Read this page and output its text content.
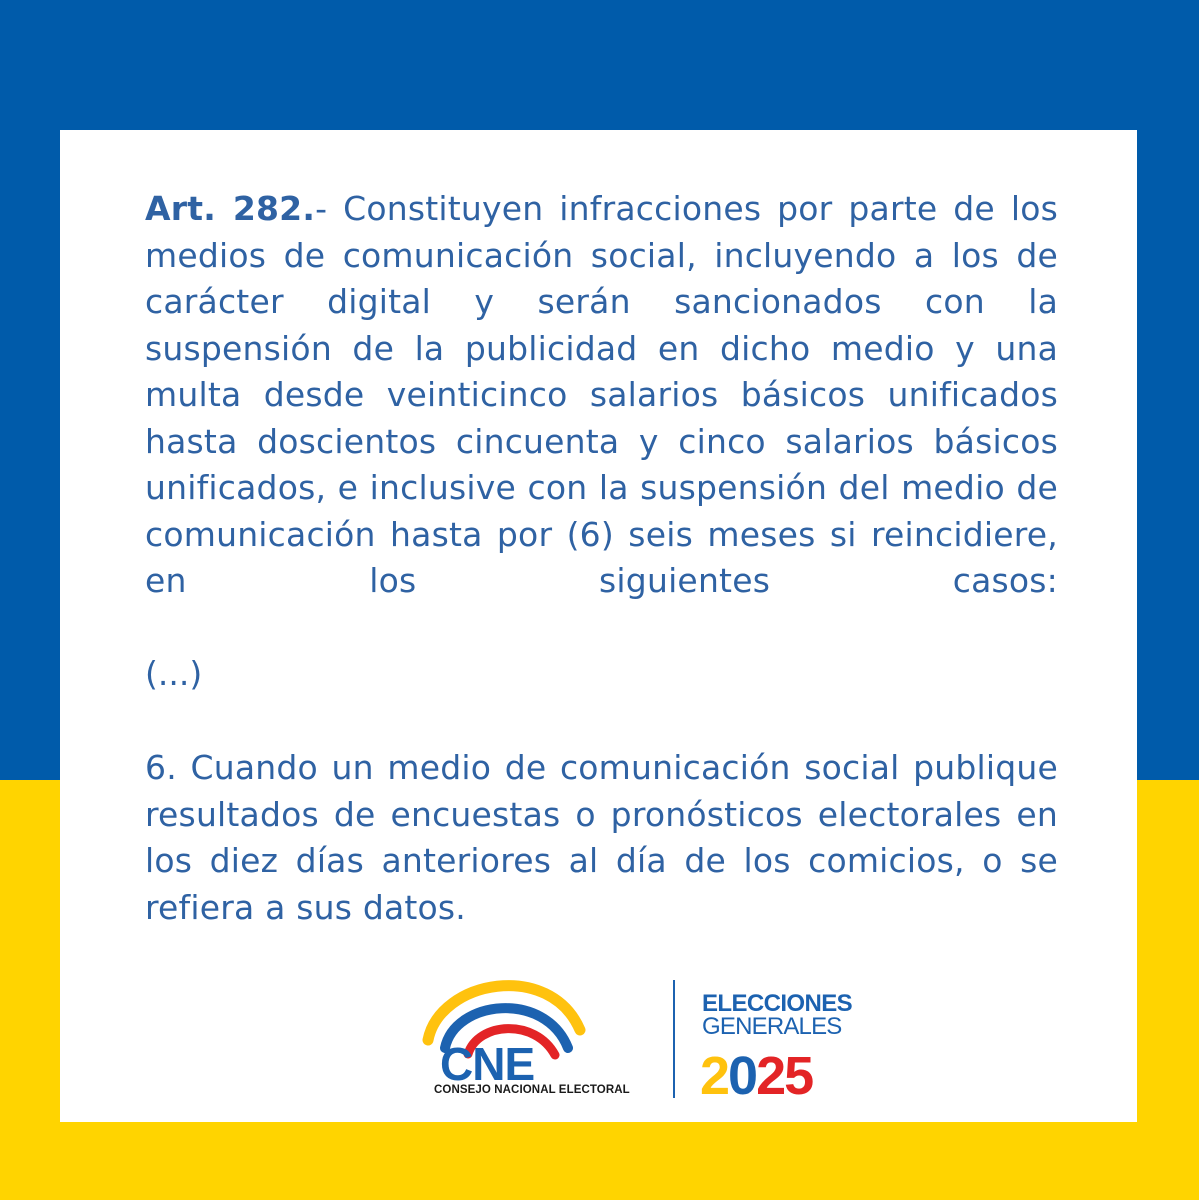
Art. 282.- Constituyen infracciones por parte de los medios de comunicación social, incluyendo a los de carácter digital y serán sancionados con la suspensión de la publicidad en dicho medio y una multa desde veinticinco salarios básicos unificados hasta doscientos cincuenta y cinco salarios básicos unificados, e inclusive con la suspensión del medio de comunicación hasta por (6) seis meses si reincidiere, en los siguientes casos:

(...)
6. Cuando un medio de comunicación social publique resultados de encuestas o pronósticos electorales en los diez días anteriores al día de los comicios, o se refiera a sus datos.
CNE
CONSEJO NACIONAL ELECTORAL
ELECCIONES
GENERALES
2025
